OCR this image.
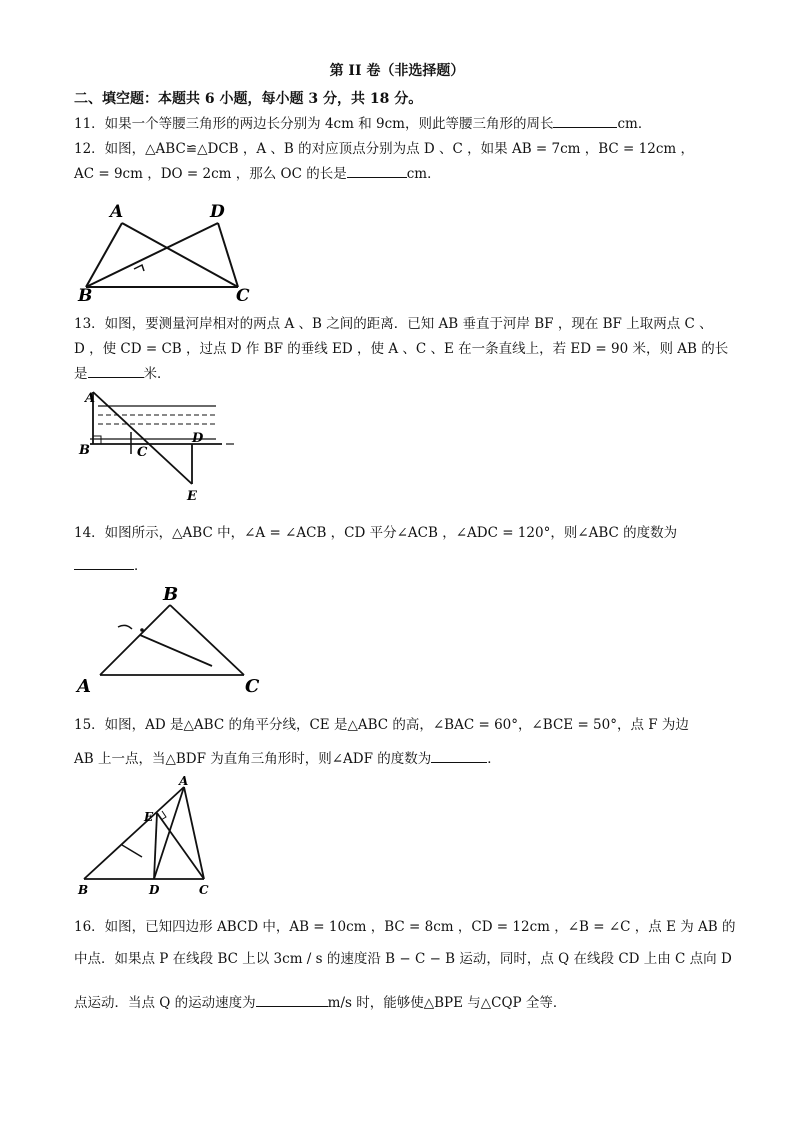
第 II 卷（非选择题）
二、填空题：本题共 6 小题，每小题 3 分，共 18 分。
11．如果一个等腰三角形的两边长分别为 4cm 和 9cm，则此等腰三角形的周长	cm．
12．如图，△ABC≌△DCB ，A 、B 的对应顶点分别为点 D 、C ，如果 AB = 7cm ，BC = 12cm ，
AC = 9cm ，DO = 2cm ，那么 OC 的长是	cm．
A	D
B	C
13．如图，要测量河岸相对的两点 A 、B 之间的距离．已知 AB 垂直于河岸 BF ，现在 BF 上取两点 C 、
D ，使 CD = CB ，过点 D 作 BF 的垂线 ED ，使 A 、C 、E 在一条直线上，若 ED = 90 米，则 AB 的长
是	米．
A
B	C
D
E
14．如图所示，△ABC 中，∠A = ∠ACB ，CD 平分∠ACB ，∠ADC = 120°，则∠ABC 的度数为
．
B
A	C
15．如图，AD 是△ABC 的角平分线，CE 是△ABC 的高，∠BAC = 60°，∠BCE = 50°，点 F 为边
AB 上一点，当△BDF 为直角三角形时，则∠ADF 的度数为	．
A
E
B	D	C
16．如图，已知四边形 ABCD 中，AB = 10cm ，BC = 8cm ，CD = 12cm ，∠B = ∠C ，点 E 为 AB 的
中点．如果点 P 在线段 BC 上以 3cm / s 的速度沿 B − C − B 运动，同时，点 Q 在线段 CD 上由 C 点向 D
点运动．当点 Q 的运动速度为	m/s 时，能够使△BPE 与△CQP 全等．
